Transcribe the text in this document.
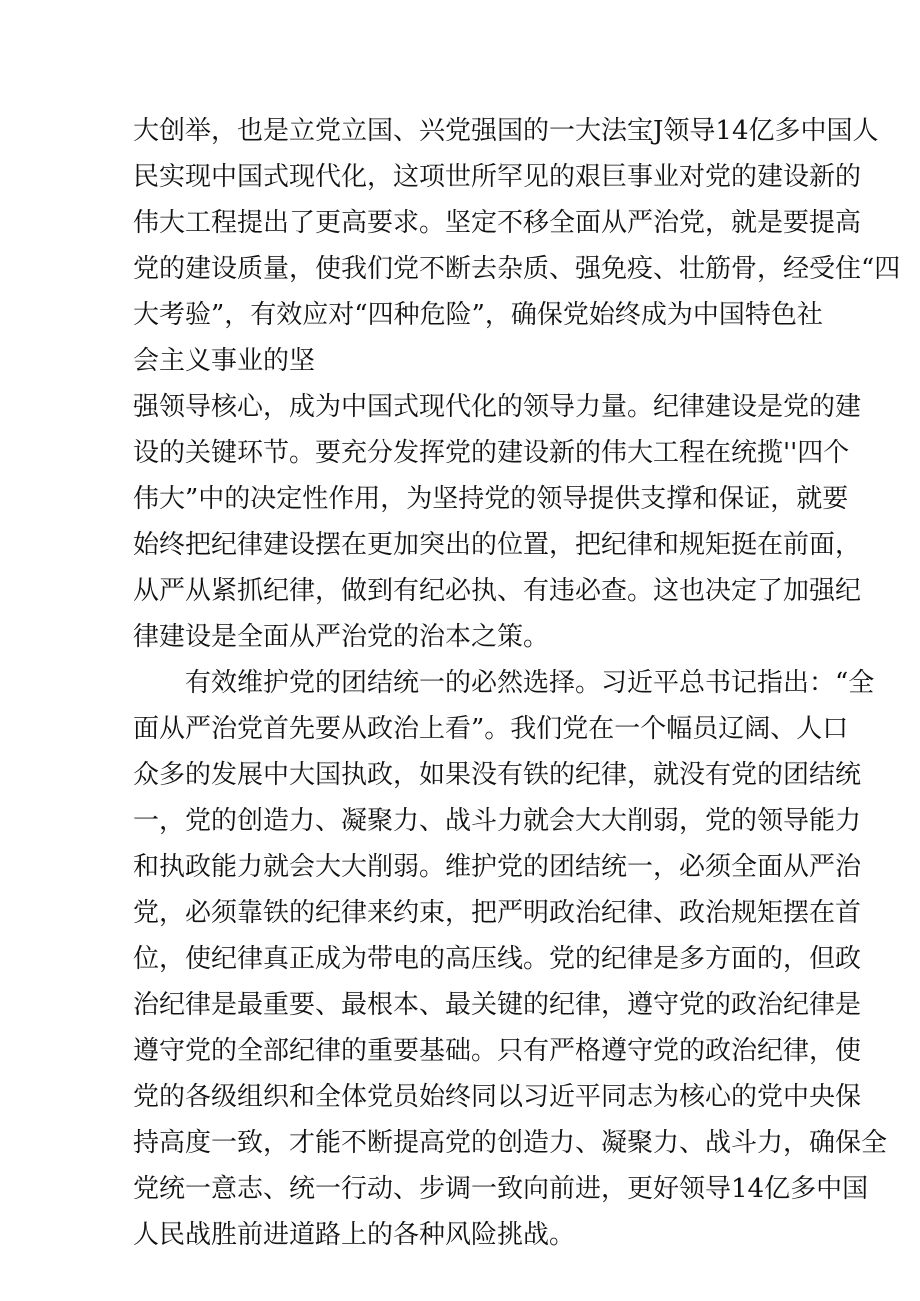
大创举，也是立党立国、兴党强国的一大法宝J领导14亿多中国人
民实现中国式现代化，这项世所罕见的艰巨事业对党的建设新的
伟大工程提出了更高要求。坚定不移全面从严治党，就是要提高
党的建设质量，使我们党不断去杂质、强免疫、壮筋骨，经受住“四
大考验”，有效应对“四种危险”，确保党始终成为中国特色社
会主义事业的坚
强领导核心，成为中国式现代化的领导力量。纪律建设是党的建
设的关键环节。要充分发挥党的建设新的伟大工程在统揽''四个
伟大”中的决定性作用，为坚持党的领导提供支撑和保证，就要
始终把纪律建设摆在更加突出的位置，把纪律和规矩挺在前面，
从严从紧抓纪律，做到有纪必执、有违必查。这也决定了加强纪
律建设是全面从严治党的治本之策。
有效维护党的团结统一的必然选择。习近平总书记指出：“全
面从严治党首先要从政治上看”。我们党在一个幅员辽阔、人口
众多的发展中大国执政，如果没有铁的纪律，就没有党的团结统
一，党的创造力、凝聚力、战斗力就会大大削弱，党的领导能力
和执政能力就会大大削弱。维护党的团结统一，必须全面从严治
党，必须靠铁的纪律来约束，把严明政治纪律、政治规矩摆在首
位，使纪律真正成为带电的高压线。党的纪律是多方面的，但政
治纪律是最重要、最根本、最关键的纪律，遵守党的政治纪律是
遵守党的全部纪律的重要基础。只有严格遵守党的政治纪律，使
党的各级组织和全体党员始终同以习近平同志为核心的党中央保
持高度一致，才能不断提高党的创造力、凝聚力、战斗力，确保全
党统一意志、统一行动、步调一致向前进，更好领导14亿多中国
人民战胜前进道路上的各种风险挑战。
